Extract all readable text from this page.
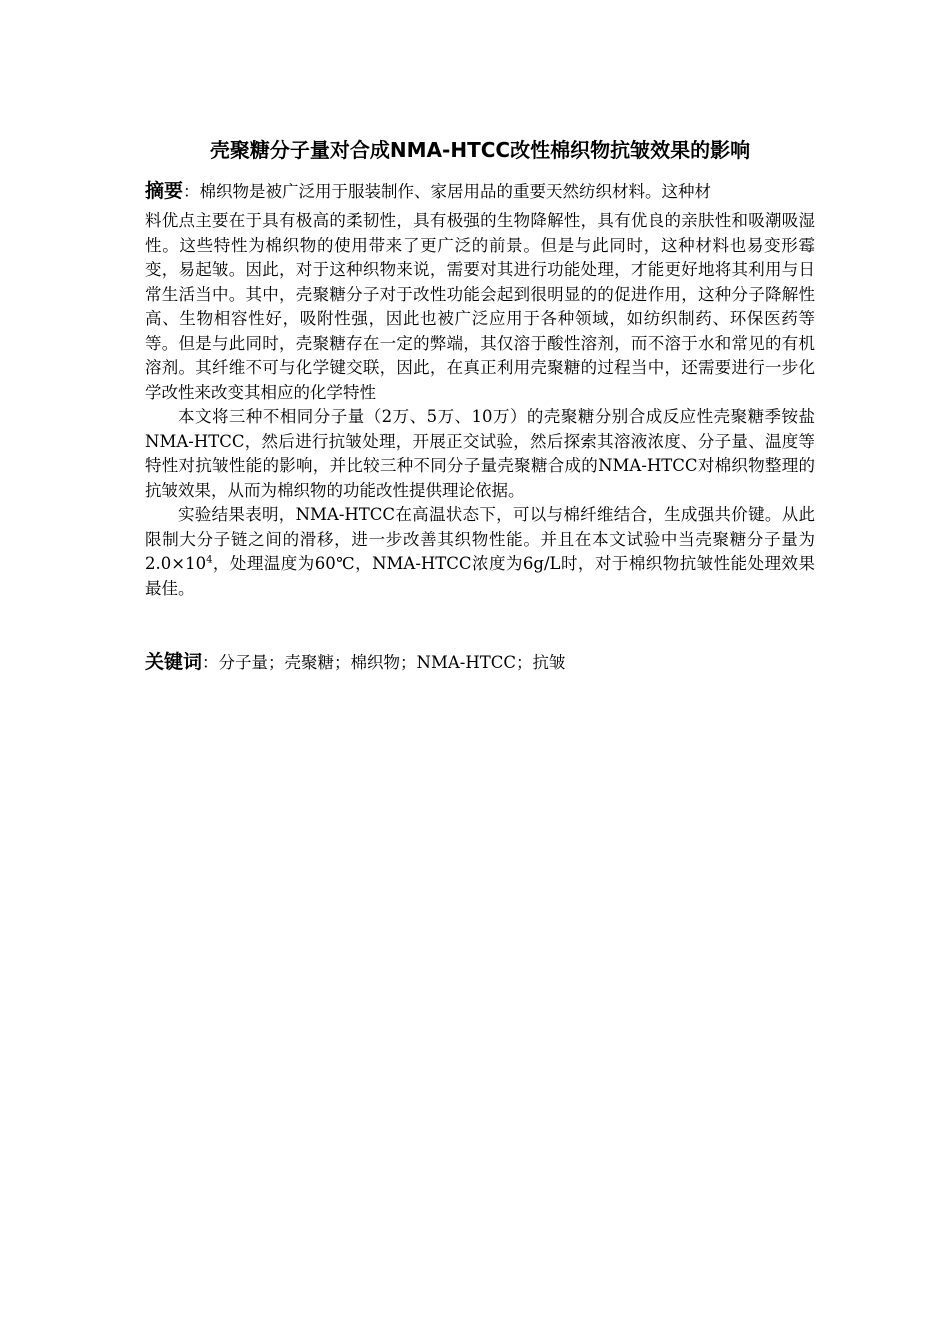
壳聚糖分子量对合成NMA-HTCC改性棉织物抗皱效果的影响

摘要：棉织物是被广泛用于服装制作、家居用品的重要天然纺织材料。这种材

料优点主要在于具有极高的柔韧性，具有极强的生物降解性，具有优良的亲肤性和吸潮吸湿性。这些特性为棉织物的使用带来了更广泛的前景。但是与此同时，这种材料也易变形霉变，易起皱。因此，对于这种织物来说，需要对其进行功能处理，才能更好地将其利用与日常生活当中。其中，壳聚糖分子对于改性功能会起到很明显的的促进作用，这种分子降解性高、生物相容性好，吸附性强，因此也被广泛应用于各种领域，如纺织制药、环保医药等等。但是与此同时，壳聚糖存在一定的弊端，其仅溶于酸性溶剂，而不溶于水和常见的有机溶剂。其纤维不可与化学键交联，因此，在真正利用壳聚糖的过程当中，还需要进行一步化学改性来改变其相应的化学特性

本文将三种不相同分子量（2万、5万、10万）的壳聚糖分别合成反应性壳聚糖季铵盐NMA-HTCC，然后进行抗皱处理，开展正交试验，然后探索其溶液浓度、分子量、温度等特性对抗皱性能的影响，并比较三种不同分子量壳聚糖合成的NMA-HTCC对棉织物整理的抗皱效果，从而为棉织物的功能改性提供理论依据。

实验结果表明，NMA-HTCC在高温状态下，可以与棉纤维结合，生成强共价键。从此限制大分子链之间的滑移，进一步改善其织物性能。并且在本文试验中当壳聚糖分子量为$2.0\times 10^4$，处理温度为60℃，NMA-HTCC浓度为6g/L时，对于棉织物抗皱性能处理效果最佳。

关键词：分子量；壳聚糖；棉织物；NMA-HTCC；抗皱
